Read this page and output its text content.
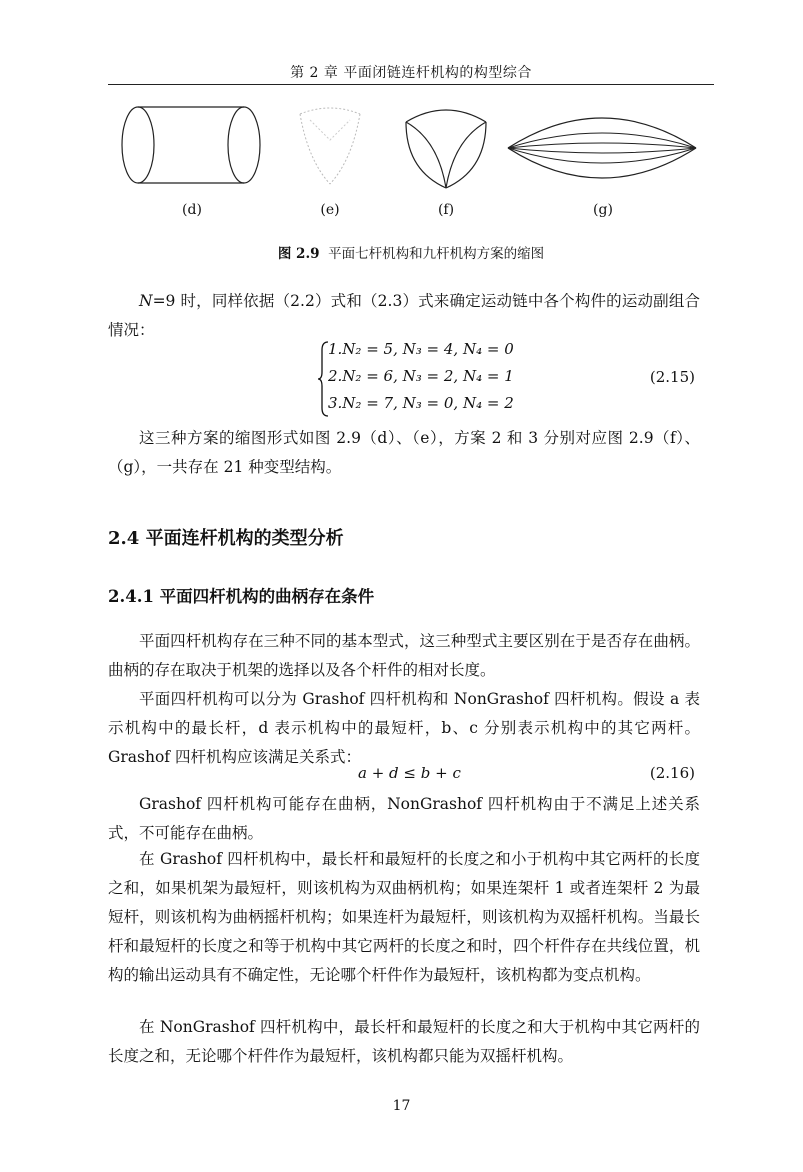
第 2 章 平面闭链连杆机构的构型综合
(d)	(e)	(f)	(g)
图 2.9 平面七杆机构和九杆机构方案的缩图
N=9 时，同样依据（2.2）式和（2.3）式来确定运动链中各个构件的运动副组合情况：
1.N₂ = 5, N₃ = 4, N₄ = 0
2.N₂ = 6, N₃ = 2, N₄ = 1
3.N₂ = 7, N₃ = 0, N₄ = 2
(2.15)
这三种方案的缩图形式如图 2.9（d）、（e），方案 2 和 3 分别对应图 2.9（f）、（g），一共存在 21 种变型结构。
2.4 平面连杆机构的类型分析
2.4.1 平面四杆机构的曲柄存在条件
平面四杆机构存在三种不同的基本型式，这三种型式主要区别在于是否存在曲柄。曲柄的存在取决于机架的选择以及各个杆件的相对长度。
平面四杆机构可以分为 Grashof 四杆机构和 NonGrashof 四杆机构。假设 a 表示机构中的最长杆，d 表示机构中的最短杆，b、c 分别表示机构中的其它两杆。Grashof 四杆机构应该满足关系式：
a + d ≤ b + c	(2.16)
Grashof 四杆机构可能存在曲柄，NonGrashof 四杆机构由于不满足上述关系式，不可能存在曲柄。
在 Grashof 四杆机构中，最长杆和最短杆的长度之和小于机构中其它两杆的长度之和，如果机架为最短杆，则该机构为双曲柄机构；如果连架杆 1 或者连架杆 2 为最短杆，则该机构为曲柄摇杆机构；如果连杆为最短杆，则该机构为双摇杆机构。当最长杆和最短杆的长度之和等于机构中其它两杆的长度之和时，四个杆件存在共线位置，机构的输出运动具有不确定性，无论哪个杆件作为最短杆，该机构都为变点机构。
在 NonGrashof 四杆机构中，最长杆和最短杆的长度之和大于机构中其它两杆的长度之和，无论哪个杆件作为最短杆，该机构都只能为双摇杆机构。
17
